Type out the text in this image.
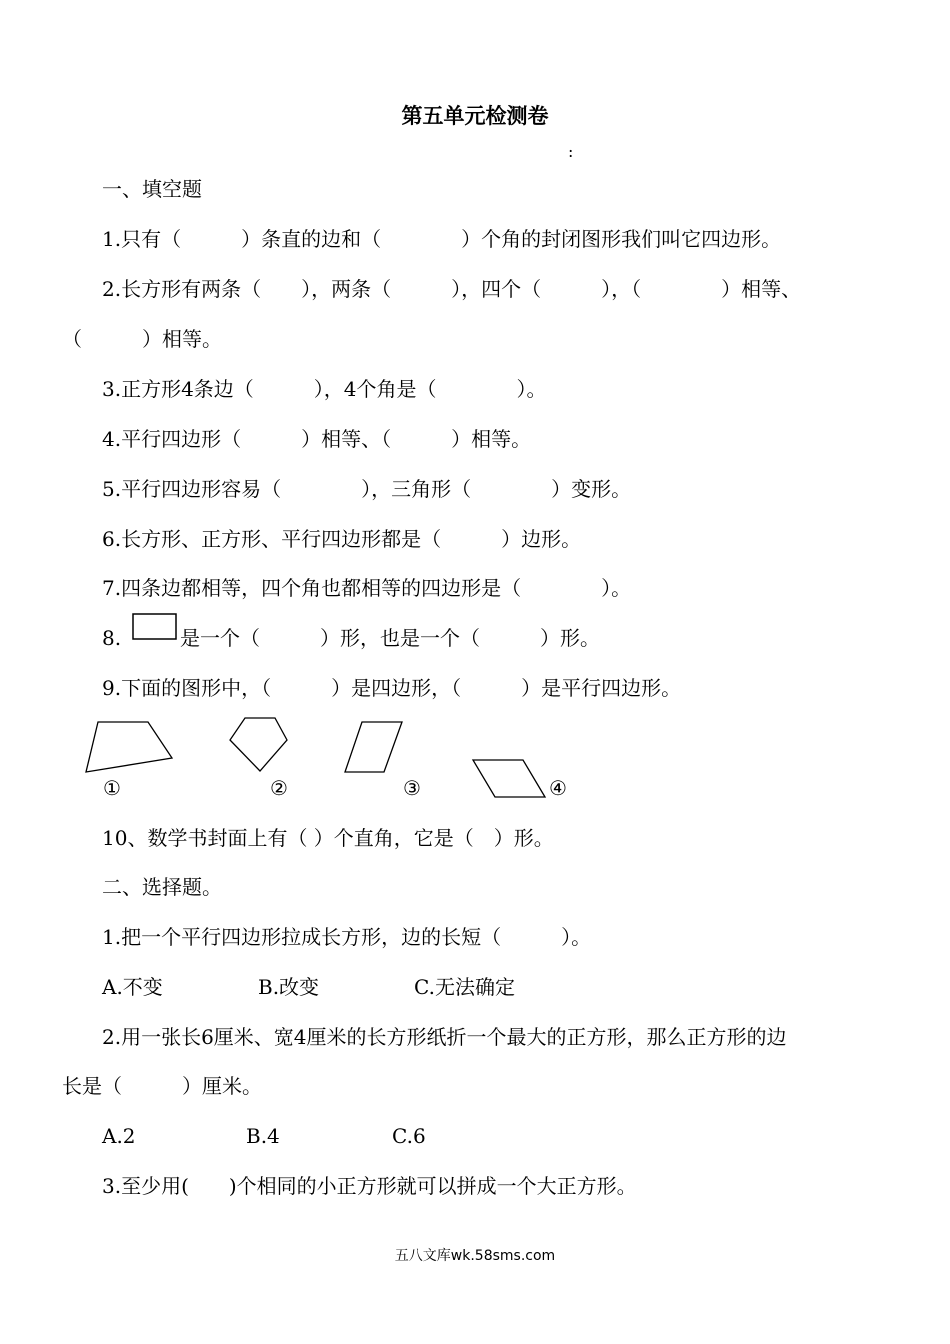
第五单元检测卷
:
一、填空题
1.只有（　　　）条直的边和（　　　　）个角的封闭图形我们叫它四边形。
2.长方形有两条（　　），两条（　　　），四个（　　　），（　　　　）相等、
（　　　）相等。
3.正方形4条边（　　　），4个角是（　　　　）。
4.平行四边形（　　　）相等、（　　　）相等。
5.平行四边形容易（　　　　），三角形（　　　　）变形。
6.长方形、正方形、平行四边形都是（　　　）边形。
7.四条边都相等，四个角也都相等的四边形是（　　　　）。
8.	是一个（　　　）形，也是一个（　　　）形。
9.下面的图形中，（　　　）是四边形，（　　　）是平行四边形。
①	②	③	④
10、数学书封面上有（ ）个直角，它是（　）形。
二、选择题。
1.把一个平行四边形拉成长方形，边的长短（　　　）。
A.不变	B.改变	C.无法确定
2.用一张长6厘米、宽4厘米的长方形纸折一个最大的正方形，那么正方形的边
长是（　　　）厘米。
A.2	B.4	C.6
3.至少用(　　)个相同的小正方形就可以拼成一个大正方形。
五八文库wk.58sms.com
